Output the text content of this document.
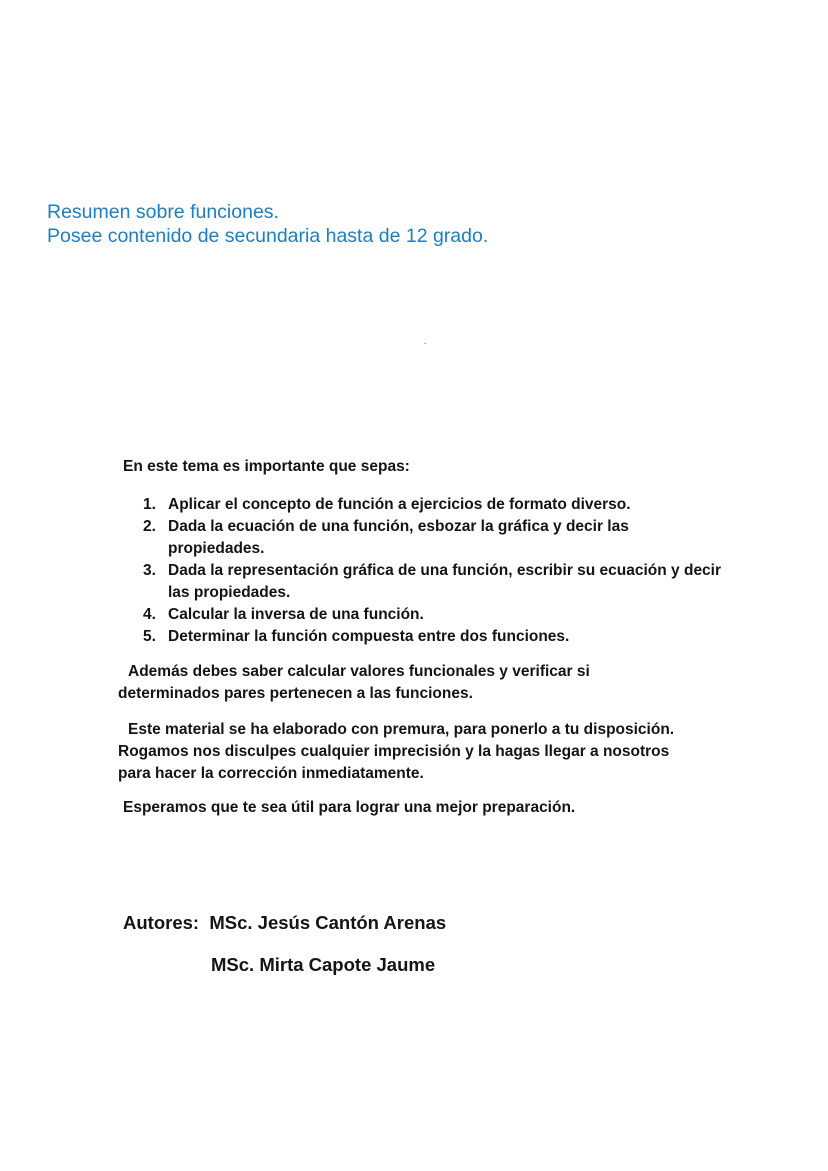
Resumen sobre funciones.
Posee contenido de secundaria hasta de 12 grado.
En este tema es importante que sepas:
1. Aplicar el concepto de función a ejercicios de formato diverso.
2. Dada la ecuación de una función, esbozar la gráfica y decir las propiedades.
3. Dada la representación gráfica de una función, escribir su ecuación y decir las propiedades.
4. Calcular la inversa de una función.
5. Determinar la función compuesta entre dos funciones.
Además debes saber calcular valores funcionales y verificar si determinados pares pertenecen a las funciones.
Este material se ha elaborado con premura, para ponerlo a tu disposición. Rogamos nos disculpes cualquier imprecisión y la hagas llegar a nosotros para hacer la corrección inmediatamente.
Esperamos que te sea útil para lograr una mejor preparación.
Autores: MSc. Jesús Cantón Arenas
MSc. Mirta Capote Jaume
